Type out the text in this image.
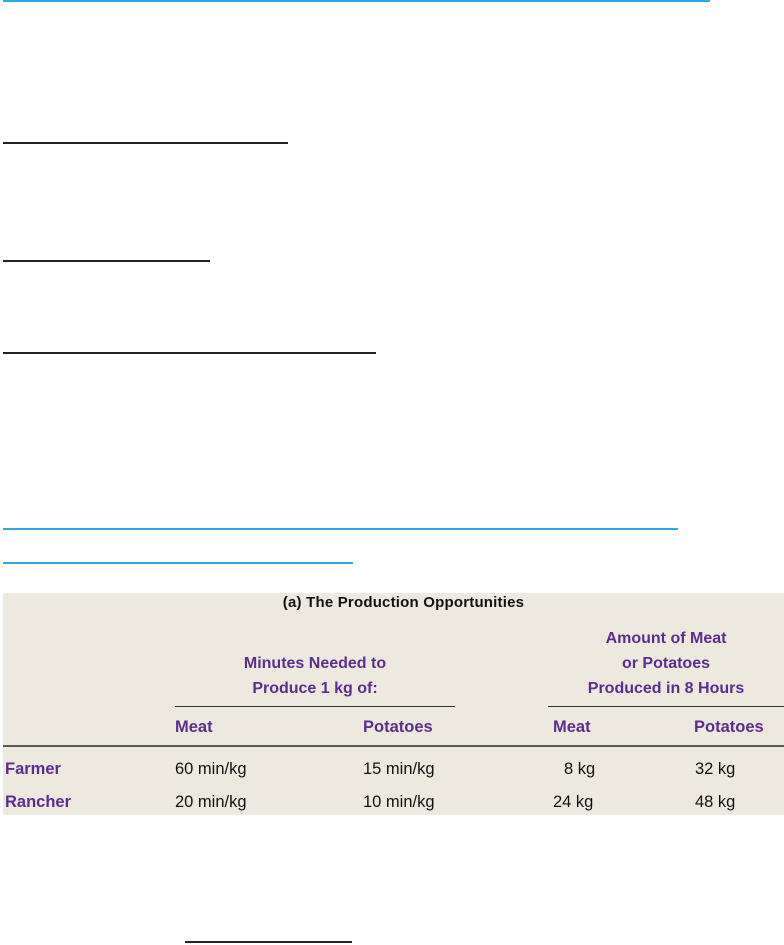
(a) The Production Opportunities
Minutes Needed to
Produce 1 kg of:
Amount of Meat
or Potatoes
Produced in 8 Hours
Meat	Potatoes	Meat	Potatoes
Farmer	60 min/kg	15 min/kg	8 kg	32 kg
Rancher	20 min/kg	10 min/kg	24 kg	48 kg
